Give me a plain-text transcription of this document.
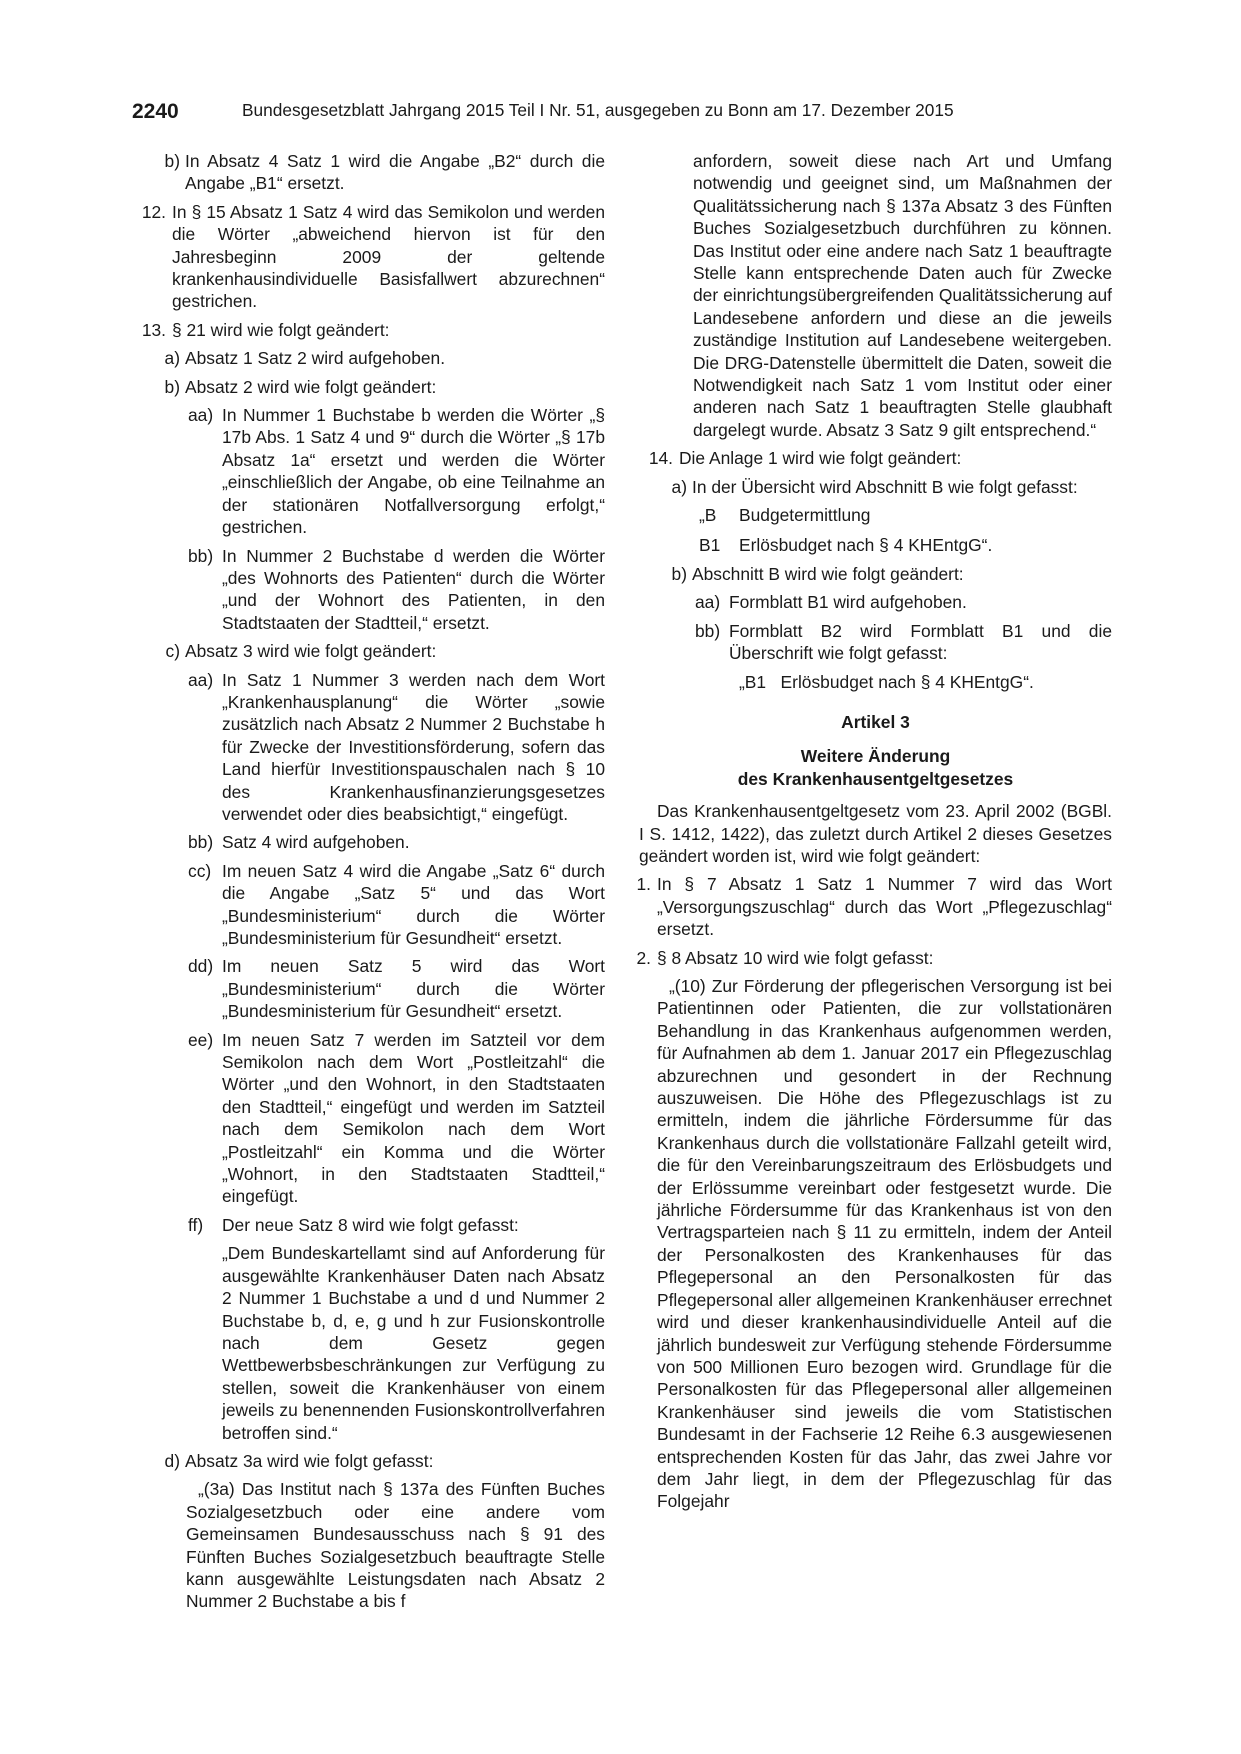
2240	Bundesgesetzblatt Jahrgang 2015 Teil I Nr. 51, ausgegeben zu Bonn am 17. Dezember 2015
b) In Absatz 4 Satz 1 wird die Angabe „B2“ durch die Angabe „B1“ ersetzt.
12. In § 15 Absatz 1 Satz 4 wird das Semikolon und werden die Wörter „abweichend hiervon ist für den Jahresbeginn 2009 der geltende krankenhausindividuelle Basisfallwert abzurechnen“ gestrichen.
13. § 21 wird wie folgt geändert:
a) Absatz 1 Satz 2 wird aufgehoben.
b) Absatz 2 wird wie folgt geändert:
aa) In Nummer 1 Buchstabe b werden die Wörter „§ 17b Abs. 1 Satz 4 und 9“ durch die Wörter „§ 17b Absatz 1a“ ersetzt und werden die Wörter „einschließlich der Angabe, ob eine Teilnahme an der stationären Notfallversorgung erfolgt,“ gestrichen.
bb) In Nummer 2 Buchstabe d werden die Wörter „des Wohnorts des Patienten“ durch die Wörter „und der Wohnort des Patienten, in den Stadtstaaten der Stadtteil,“ ersetzt.
c) Absatz 3 wird wie folgt geändert:
aa) In Satz 1 Nummer 3 werden nach dem Wort „Krankenhausplanung“ die Wörter „sowie zusätzlich nach Absatz 2 Nummer 2 Buchstabe h für Zwecke der Investitionsförderung, sofern das Land hierfür Investitionspauschalen nach § 10 des Krankenhausfinanzierungsgesetzes verwendet oder dies beabsichtigt,“ eingefügt.
bb) Satz 4 wird aufgehoben.
cc) Im neuen Satz 4 wird die Angabe „Satz 6“ durch die Angabe „Satz 5“ und das Wort „Bundesministerium“ durch die Wörter „Bundesministerium für Gesundheit“ ersetzt.
dd) Im neuen Satz 5 wird das Wort „Bundesministerium“ durch die Wörter „Bundesministerium für Gesundheit“ ersetzt.
ee) Im neuen Satz 7 werden im Satzteil vor dem Semikolon nach dem Wort „Postleitzahl“ die Wörter „und den Wohnort, in den Stadtstaaten den Stadtteil,“ eingefügt und werden im Satzteil nach dem Semikolon nach dem Wort „Postleitzahl“ ein Komma und die Wörter „Wohnort, in den Stadtstaaten Stadtteil,“ eingefügt.
ff)	Der neue Satz 8 wird wie folgt gefasst:
„Dem Bundeskartellamt sind auf Anforderung für ausgewählte Krankenhäuser Daten nach Absatz 2 Nummer 1 Buchstabe a und d und Nummer 2 Buchstabe b, d, e, g und h zur Fusionskontrolle nach dem Gesetz gegen Wettbewerbsbeschränkungen zur Verfügung zu stellen, soweit die Krankenhäuser von einem jeweils zu benennenden Fusionskontrollverfahren betroffen sind.“
d) Absatz 3a wird wie folgt gefasst:
„(3a) Das Institut nach § 137a des Fünften Buches Sozialgesetzbuch oder eine andere vom Gemeinsamen Bundesausschuss nach § 91 des Fünften Buches Sozialgesetzbuch beauftragte Stelle kann ausgewählte Leistungsdaten nach Absatz 2 Nummer 2 Buchstabe a bis f
anfordern, soweit diese nach Art und Umfang notwendig und geeignet sind, um Maßnahmen der Qualitätssicherung nach § 137a Absatz 3 des Fünften Buches Sozialgesetzbuch durchführen zu können. Das Institut oder eine andere nach Satz 1 beauftragte Stelle kann entsprechende Daten auch für Zwecke der einrichtungsübergreifenden Qualitätssicherung auf Landesebene anfordern und diese an die jeweils zuständige Institution auf Landesebene weitergeben. Die DRG-Datenstelle übermittelt die Daten, soweit die Notwendigkeit nach Satz 1 vom Institut oder einer anderen nach Satz 1 beauftragten Stelle glaubhaft dargelegt wurde. Absatz 3 Satz 9 gilt entsprechend.“
14. Die Anlage 1 wird wie folgt geändert:
a) In der Übersicht wird Abschnitt B wie folgt gefasst:
„B	Budgetermittlung
B1	Erlösbudget nach § 4 KHEntgG“.
b) Abschnitt B wird wie folgt geändert:
aa) Formblatt B1 wird aufgehoben.
bb) Formblatt B2 wird Formblatt B1 und die Überschrift wie folgt gefasst:
„B1   Erlösbudget nach § 4 KHEntgG“.

Artikel 3

Weitere Änderung

des Krankenhausentgeltgesetzes

Das Krankenhausentgeltgesetz vom 23. April 2002 (BGBl. I S. 1412, 1422), das zuletzt durch Artikel 2 dieses Gesetzes geändert worden ist, wird wie folgt geändert:
1. In § 7 Absatz 1 Satz 1 Nummer 7 wird das Wort „Versorgungszuschlag“ durch das Wort „Pflegezuschlag“ ersetzt.
2. § 8 Absatz 10 wird wie folgt gefasst:
„(10) Zur Förderung der pflegerischen Versorgung ist bei Patientinnen oder Patienten, die zur vollstationären Behandlung in das Krankenhaus aufgenommen werden, für Aufnahmen ab dem 1. Januar 2017 ein Pflegezuschlag abzurechnen und gesondert in der Rechnung auszuweisen. Die Höhe des Pflegezuschlags ist zu ermitteln, indem die jährliche Fördersumme für das Krankenhaus durch die vollstationäre Fallzahl geteilt wird, die für den Vereinbarungszeitraum des Erlösbudgets und der Erlössumme vereinbart oder festgesetzt wurde. Die jährliche Fördersumme für das Krankenhaus ist von den Vertragsparteien nach § 11 zu ermitteln, indem der Anteil der Personalkosten des Krankenhauses für das Pflegepersonal an den Personalkosten für das Pflegepersonal aller allgemeinen Krankenhäuser errechnet wird und dieser krankenhausindividuelle Anteil auf die jährlich bundesweit zur Verfügung stehende Fördersumme von 500 Millionen Euro bezogen wird. Grundlage für die Personalkosten für das Pflegepersonal aller allgemeinen Krankenhäuser sind jeweils die vom Statistischen Bundesamt in der Fachserie 12 Reihe 6.3 ausgewiesenen entsprechenden Kosten für das Jahr, das zwei Jahre vor dem Jahr liegt, in dem der Pflegezuschlag für das Folgejahr
